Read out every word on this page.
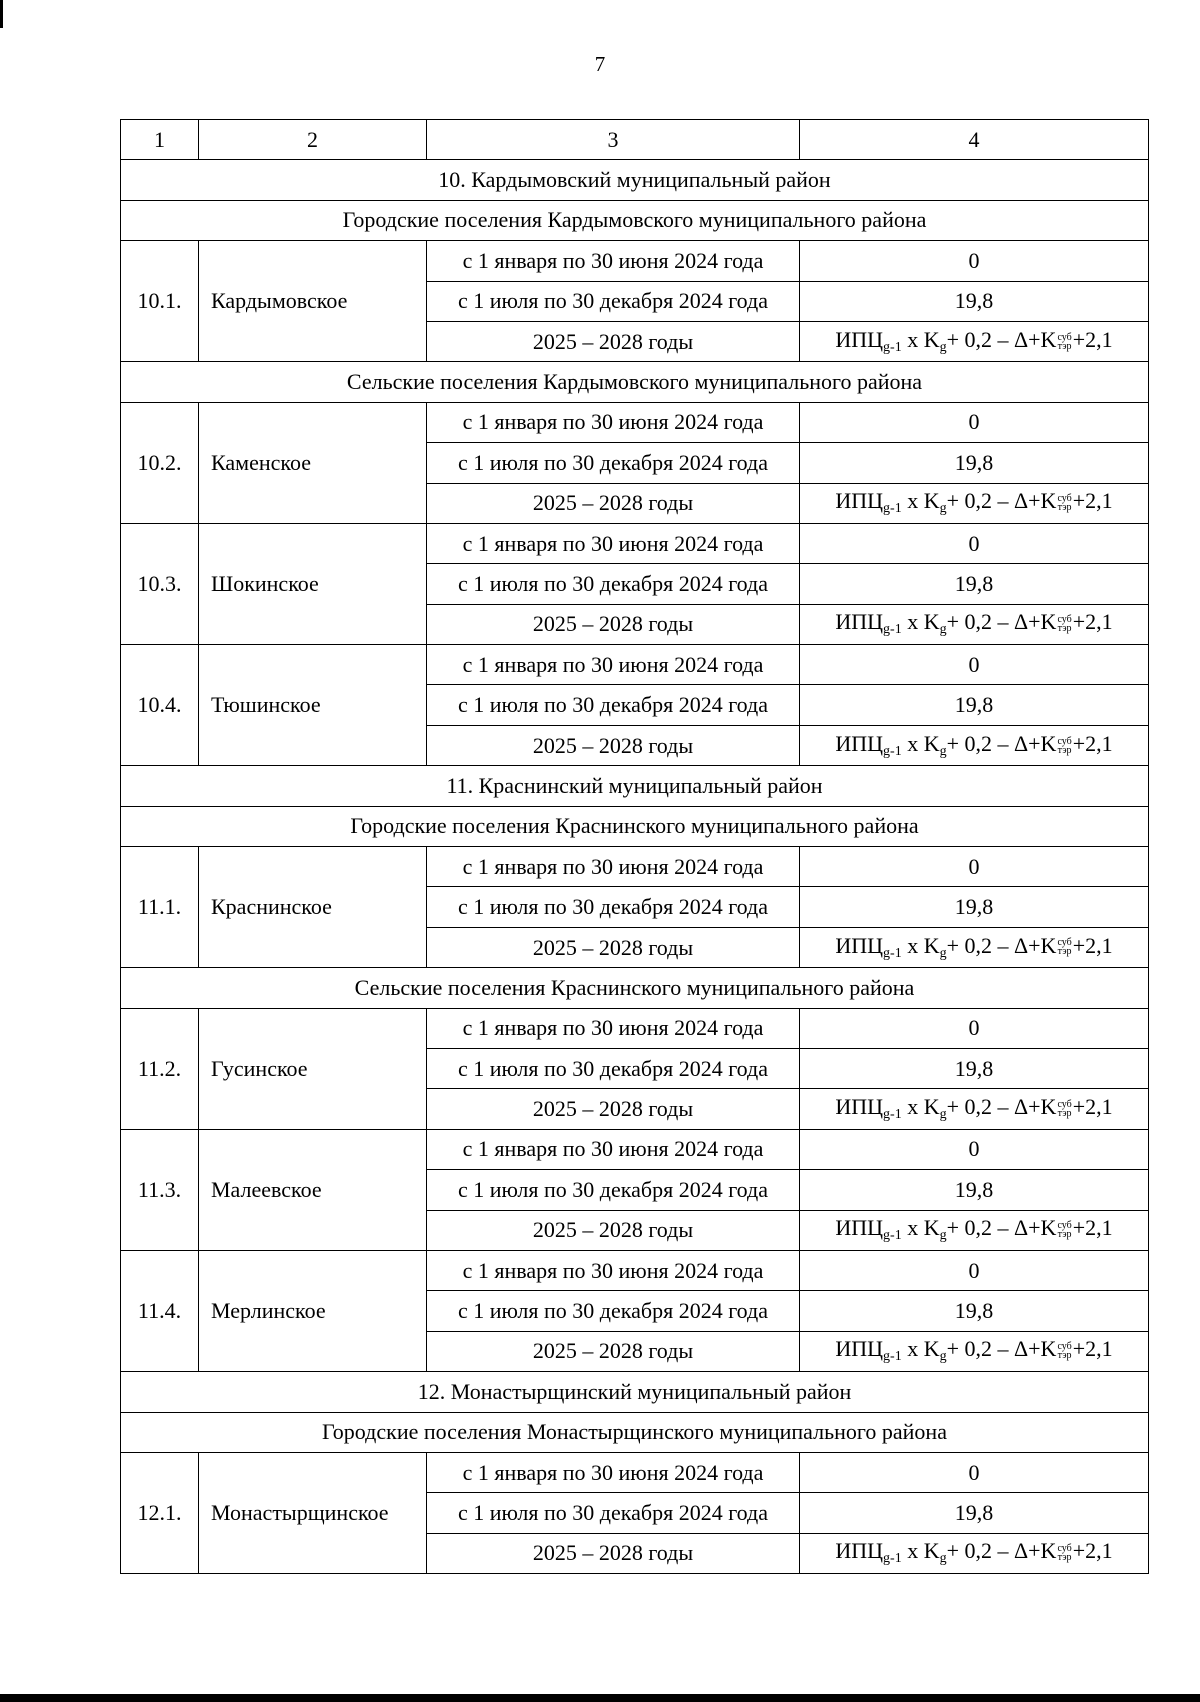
7
1	2	3	4
10. Кардымовский муниципальный район			
Городские поселения Кардымовского муниципального района			
10.1.	Кардымовское	с 1 января по 30 июня 2024 года	0
		с 1 июля по 30 декабря 2024 года	19,8
		2025 – 2028 годы	$ИПЦ_{g-1}$ x $K_g+ 0,2 - \Delta+K$ суб
тэр +2,1
Сельские поселения Кардымовского муниципального района			
10.2.	Каменское	с 1 января по 30 июня 2024 года	0
		с 1 июля по 30 декабря 2024 года	19,8
		2025 – 2028 годы	$ИПЦ_{g-1}$ x $K_g+ 0,2 - \Delta+K$ суб
тэр +2,1
10.3.	Шокинское	с 1 января по 30 июня 2024 года	0
		с 1 июля по 30 декабря 2024 года	19,8
		2025 – 2028 годы	$ИПЦ_{g-1}$ x $K_g+ 0,2 - \Delta+K$ суб
тэр +2,1
10.4.	Тюшинское	с 1 января по 30 июня 2024 года	0
		с 1 июля по 30 декабря 2024 года	19,8
		2025 – 2028 годы	$ИПЦ_{g-1}$ x $K_g+ 0,2 - \Delta+K$ суб
тэр +2,1
11. Краснинский муниципальный район			
Городские поселения Краснинского муниципального района			
11.1.	Краснинское	с 1 января по 30 июня 2024 года	0
		с 1 июля по 30 декабря 2024 года	19,8
		2025 – 2028 годы	$ИПЦ_{g-1}$ x $K_g+ 0,2 - \Delta+K$ суб
тэр +2,1
Сельские поселения Краснинского муниципального района			
11.2.	Гусинское	с 1 января по 30 июня 2024 года	0
		с 1 июля по 30 декабря 2024 года	19,8
		2025 – 2028 годы	$ИПЦ_{g-1}$ x $K_g+ 0,2 - \Delta+K$ суб
тэр +2,1
11.3.	Малеевское	с 1 января по 30 июня 2024 года	0
		с 1 июля по 30 декабря 2024 года	19,8
		2025 – 2028 годы	$ИПЦ_{g-1}$ x $K_g+ 0,2 - \Delta+K$ суб
тэр +2,1
11.4.	Мерлинское	с 1 января по 30 июня 2024 года	0
		с 1 июля по 30 декабря 2024 года	19,8
		2025 – 2028 годы	$ИПЦ_{g-1}$ x $K_g+ 0,2 - \Delta+K$ суб
тэр +2,1
12. Монастырщинский муниципальный район			
Городские поселения Монастырщинского муниципального района			
12.1.	Монастырщинское	с 1 января по 30 июня 2024 года	0
		с 1 июля по 30 декабря 2024 года	19,8
		2025 – 2028 годы	$ИПЦ_{g-1}$ x $K_g+ 0,2 - \Delta+K$ суб
тэр +2,1
